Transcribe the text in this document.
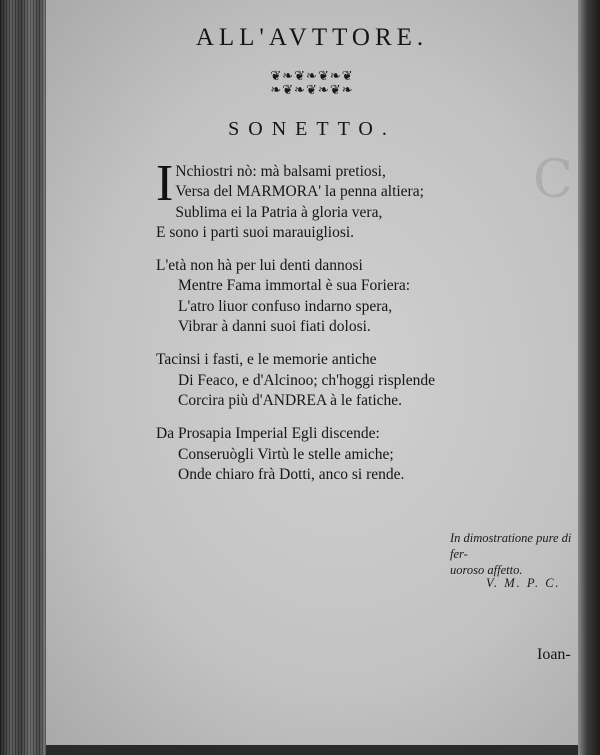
C
ALL'AVTTORE.
❦❧❦❧❦❧❦
❧❦❧❦❧❦❧
SONETTO.
I Nchiostri nò: mà balsami pretiosi,
Versa del MARMORA' la penna altiera;
Sublima ei la Patria à gloria vera,
E sono i parti suoi marauigliosi.
L'età non hà per lui denti dannosi
Mentre Fama immortal è sua Foriera:
L'atro liuor confuso indarno spera,
Vibrar à danni suoi fiati dolosi.
Tacinsi i fasti, e le memorie antiche
Di Feaco, e d'Alcinoo; ch'hoggi risplende
Corcira più d'ANDREA à le fatiche.
Da Prosapia Imperial Egli discende:
Conseruògli Virtù le stelle amiche;
Onde chiaro frà Dotti, anco si rende.
In dimostratione pure di fer-
uoroso affetto.
V. M. P. C.
Ioan-
